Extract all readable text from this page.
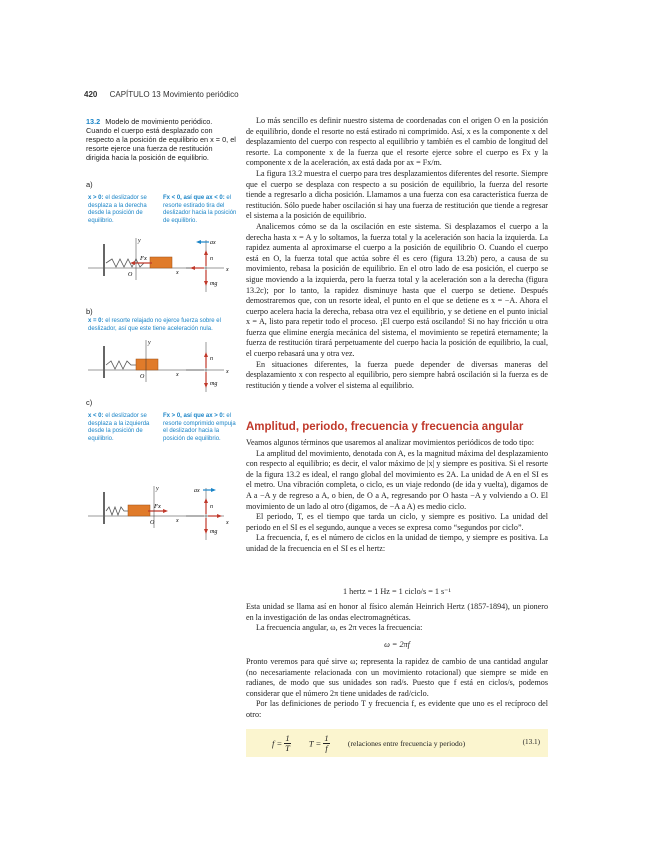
420 CAPÍTULO 13 Movimiento periódico
13.2 Modelo de movimiento periódico. Cuando el cuerpo está desplazado con respecto a la posición de equilibrio en x = 0, el resorte ejerce una fuerza de restitución dirigida hacia la posición de equilibrio.
a)
x > 0: el deslizador se desplaza a la derecha desde la posición de equilibrio.
Fx < 0, así que ax < 0: el resorte estirado tira del deslizador hacia la posición de equilibrio.
Fx
y
x
O
ax
n
mg
x
b)
x = 0: el resorte relajado no ejerce fuerza sobre el deslizador, así que este tiene aceleración nula.
y
O	x
n
mg
x
c)
x < 0: el deslizador se desplaza a la izquierda desde la posición de equilibrio.
Fx > 0, así que ax > 0: el resorte comprimido empuja el deslizador hacia la posición de equilibrio.
Fx
y
O	x
ax
n
mg
x

Lo más sencillo es definir nuestro sistema de coordenadas con el origen O en la posición de equilibrio, donde el resorte no está estirado ni comprimido. Así, x es la componente x del desplazamiento del cuerpo con respecto al equilibrio y también es el cambio de longitud del resorte. La componente x de la fuerza que el resorte ejerce sobre el cuerpo es Fx y la componente x de la aceleración, ax está dada por ax = Fx/m.

La figura 13.2 muestra el cuerpo para tres desplazamientos diferentes del resorte. Siempre que el cuerpo se desplaza con respecto a su posición de equilibrio, la fuerza del resorte tiende a regresarlo a dicha posición. Llamamos a una fuerza con esa característica fuerza de restitución. Sólo puede haber oscilación si hay una fuerza de restitución que tiende a regresar el sistema a la posición de equilibrio.

Analicemos cómo se da la oscilación en este sistema. Si desplazamos el cuerpo a la derecha hasta x = A y lo soltamos, la fuerza total y la aceleración son hacia la izquierda. La rapidez aumenta al aproximarse el cuerpo a la posición de equilibrio O. Cuando el cuerpo está en O, la fuerza total que actúa sobre él es cero (figura 13.2b) pero, a causa de su movimiento, rebasa la posición de equilibrio. En el otro lado de esa posición, el cuerpo se sigue moviendo a la izquierda, pero la fuerza total y la aceleración son a la derecha (figura 13.2c); por lo tanto, la rapidez disminuye hasta que el cuerpo se detiene. Después demostraremos que, con un resorte ideal, el punto en el que se detiene es x = −A. Ahora el cuerpo acelera hacia la derecha, rebasa otra vez el equilibrio, y se detiene en el punto inicial x = A, listo para repetir todo el proceso. ¡El cuerpo está oscilando! Si no hay fricción u otra fuerza que elimine energía mecánica del sistema, el movimiento se repetirá eternamente; la fuerza de restitución tirará perpetuamente del cuerpo hacia la posición de equilibrio, la cual, el cuerpo rebasará una y otra vez.

En situaciones diferentes, la fuerza puede depender de diversas maneras del desplazamiento x con respecto al equilibrio, pero siempre habrá oscilación si la fuerza es de restitución y tiende a volver el sistema al equilibrio.

Amplitud, periodo, frecuencia y frecuencia angular

Veamos algunos términos que usaremos al analizar movimientos periódicos de todo tipo:

La amplitud del movimiento, denotada con A, es la magnitud máxima del desplazamiento con respecto al equilibrio; es decir, el valor máximo de |x| y siempre es positiva. Si el resorte de la figura 13.2 es ideal, el rango global del movimiento es 2A. La unidad de A en el SI es el metro. Una vibración completa, o ciclo, es un viaje redondo (de ida y vuelta), digamos de A a −A y de regreso a A, o bien, de O a A, regresando por O hasta −A y volviendo a O. El movimiento de un lado al otro (digamos, de −A a A) es medio ciclo.

El periodo, T, es el tiempo que tarda un ciclo, y siempre es positivo. La unidad del periodo en el SI es el segundo, aunque a veces se expresa como “segundos por ciclo”.

La frecuencia, f, es el número de ciclos en la unidad de tiempo, y siempre es positiva. La unidad de la frecuencia en el SI es el hertz:

1 hertz = 1 Hz = 1 ciclo/s = 1 s⁻¹

Esta unidad se llama así en honor al físico alemán Heinrich Hertz (1857-1894), un pionero en la investigación de las ondas electromagnéticas.

La frecuencia angular, ω, es 2π veces la frecuencia:

ω = 2πf

Pronto veremos para qué sirve ω; representa la rapidez de cambio de una cantidad angular (no necesariamente relacionada con un movimiento rotacional) que siempre se mide en radianes, de modo que sus unidades son rad/s. Puesto que f está en ciclos/s, podemos considerar que el número 2π tiene unidades de rad/ciclo.

Por las definiciones de periodo T y frecuencia f, es evidente que uno es el recíproco del otro:

$f = \frac{1}{T}$ $T = \frac{1}{f}$ (relaciones entre frecuencia y periodo)	(13.1)
